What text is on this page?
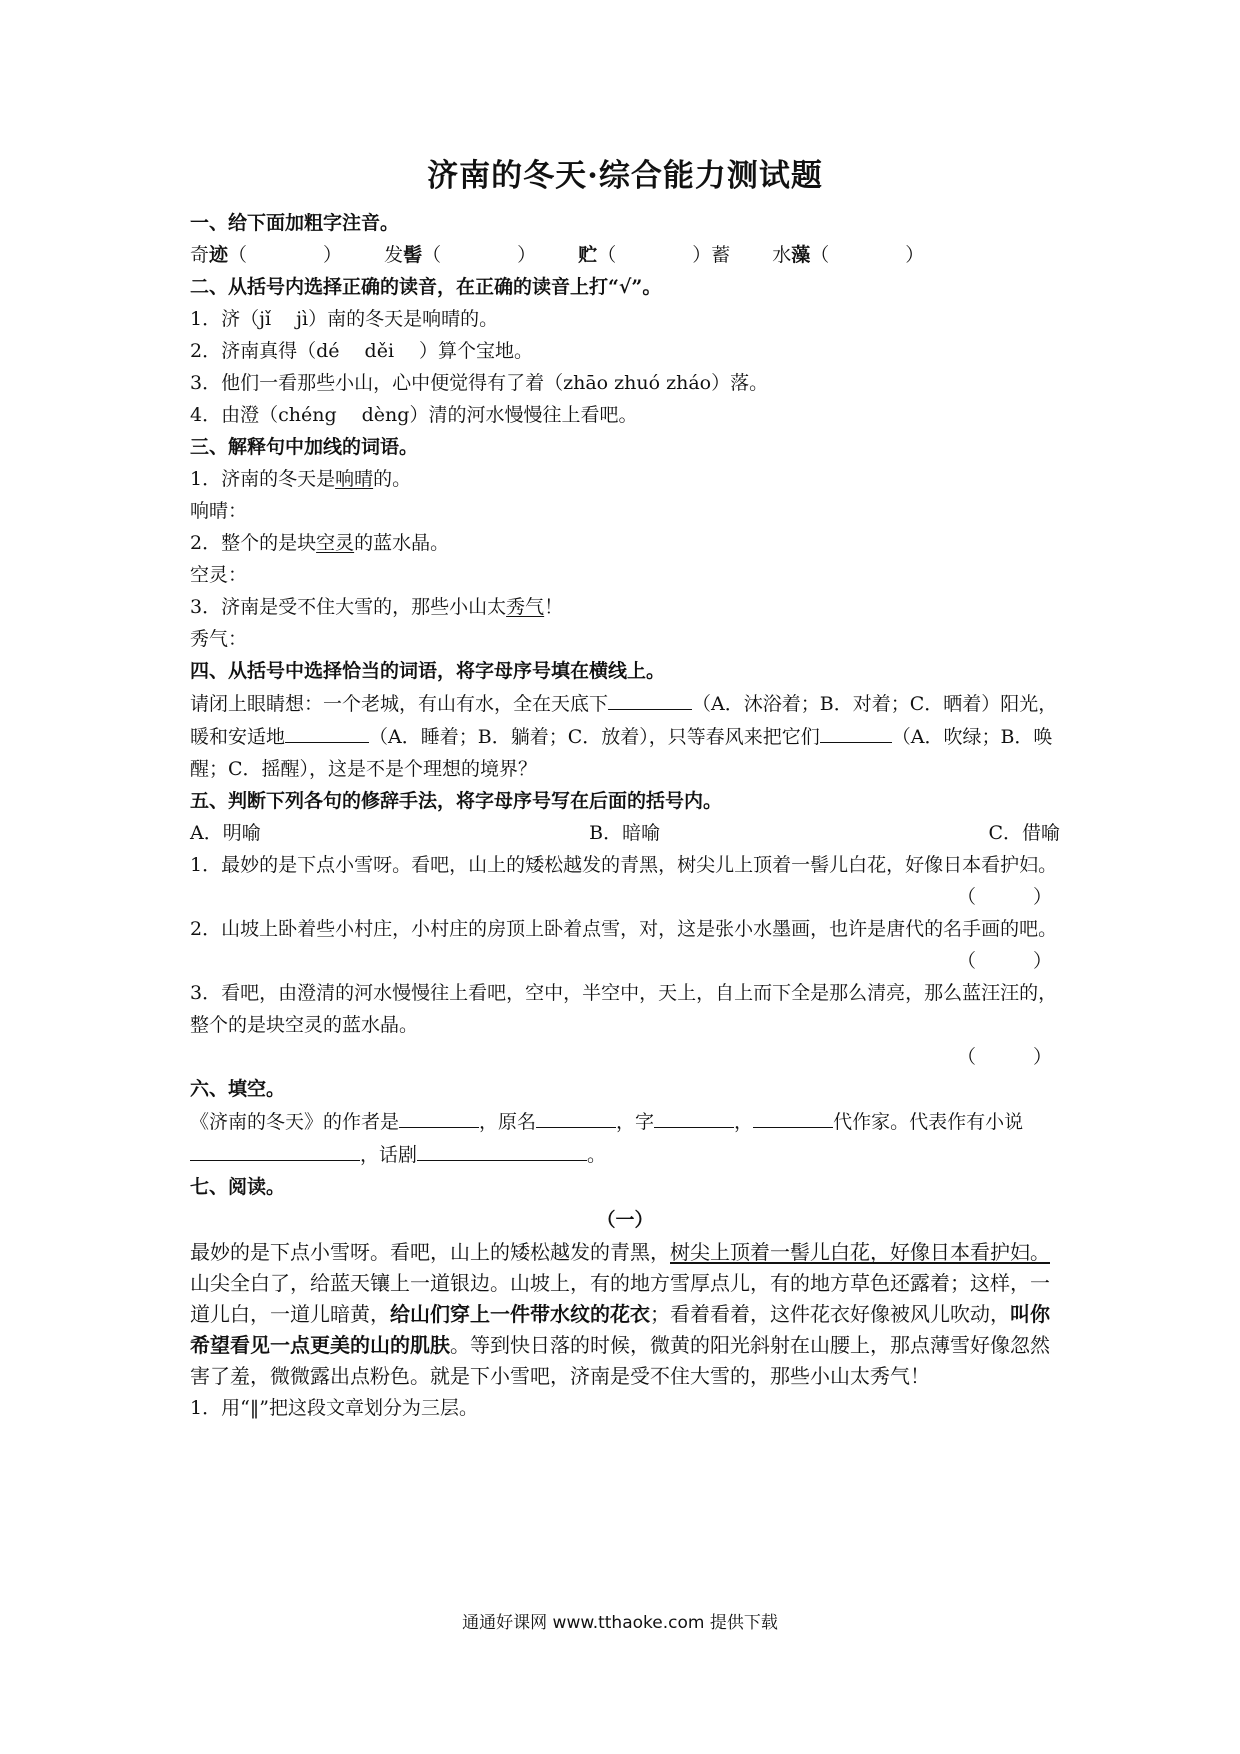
济南的冬天·综合能力测试题
一、给下面加粗字注音。
奇迹（　　　　） 发髻（　　　　） 贮（　　　　）蓄 水藻（　　　　）
二、从括号内选择正确的读音，在正确的读音上打“√”。
1．济（jǐ　 jì）南的冬天是响晴的。
2．济南真得（dé　 děi　 ）算个宝地。
3．他们一看那些小山，心中便觉得有了着（zhāo zhuó zháo）落。
4．由澄（chéng　 dèng）清的河水慢慢往上看吧。
三、解释句中加线的词语。
1．济南的冬天是响晴的。
响晴：
2．整个的是块空灵的蓝水晶。
空灵：
3．济南是受不住大雪的，那些小山太秀气！
秀气：
四、从括号中选择恰当的词语，将字母序号填在横线上。
请闭上眼睛想：一个老城，有山有水，全在天底下	（A．沐浴着；B．对着；C．晒着）阳光，暖和安适地	（A．睡着；B．躺着；C．放着），只等春风来把它们	（A．吹绿；B．唤醒；C．摇醒），这是不是个理想的境界？
五、判断下列各句的修辞手法，将字母序号写在后面的括号内。
A．明喻	B．暗喻	C．借喻
1．最妙的是下点小雪呀。看吧，山上的矮松越发的青黑，树尖儿上顶着一髻儿白花，好像日本看护妇。
（　　　）
2．山坡上卧着些小村庄，小村庄的房顶上卧着点雪，对，这是张小水墨画，也许是唐代的名手画的吧。
（　　　）
3．看吧，由澄清的河水慢慢往上看吧，空中，半空中，天上，自上而下全是那么清亮，那么蓝汪汪的，整个的是块空灵的蓝水晶。
（　　　）
六、填空。
《济南的冬天》的作者是	，原名	，字	，	代作家。代表作有小说，话剧	。
七、阅读。
（一）
最妙的是下点小雪呀。看吧，山上的矮松越发的青黑，树尖上顶着一髻儿白花，好像日本看护妇。山尖全白了，给蓝天镶上一道银边。山坡上，有的地方雪厚点儿，有的地方草色还露着；这样，一道儿白，一道儿暗黄，给山们穿上一件带水纹的花衣；看着看着，这件花衣好像被风儿吹动，叫你希望看见一点更美的山的肌肤。等到快日落的时候，微黄的阳光斜射在山腰上，那点薄雪好像忽然害了羞，微微露出点粉色。就是下小雪吧，济南是受不住大雪的，那些小山太秀气！
1．用“‖”把这段文章划分为三层。
通通好课网 www.tthaoke.com 提供下载
